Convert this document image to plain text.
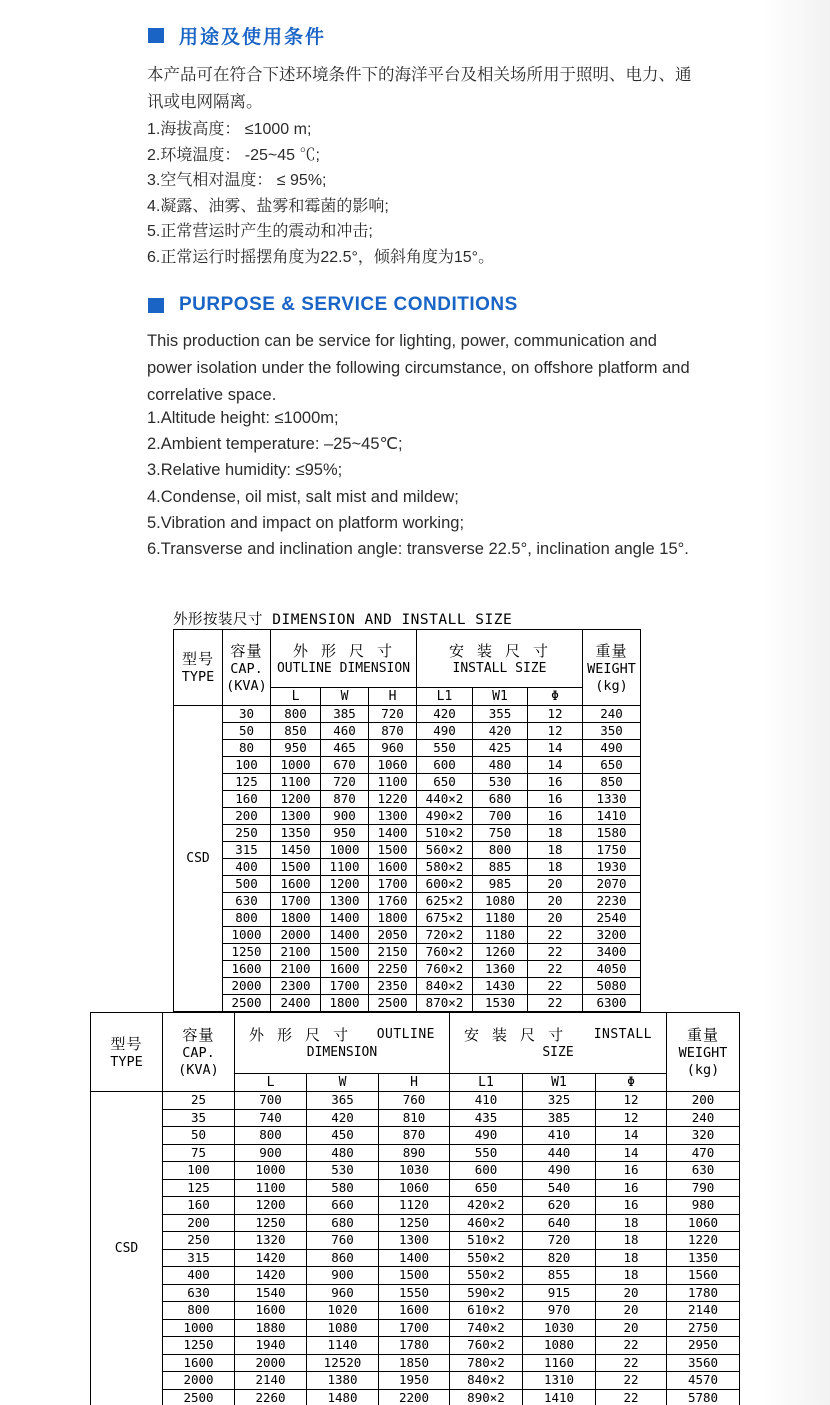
用途及使用条件

本产品可在符合下述环境条件下的海洋平台及相关场所用于照明、电力、通讯或电网隔离。

1.海拔高度： ≤1000 m;
2.环境温度： -25~45 ℃;
3.空气相对温度： ≤ 95%;
4.凝露、油雾、盐雾和霉菌的影响;
5.正常营运时产生的震动和冲击;
6.正常运行时摇摆角度为22.5°，倾斜角度为15°。
PURPOSE & SERVICE CONDITIONS

This production can be service for lighting, power, communication and power isolation under the following circumstance, on offshore platform and correlative space.

1.Altitude height: ≤1000m;
2.Ambient temperature: –25~45℃;
3.Relative humidity: ≤95%;
4.Condense, oil mist, salt mist and mildew;
5.Vibration and impact on platform working;
6.Transverse and inclination angle: transverse 22.5°, inclination angle 15°.
外形按装尺寸 DIMENSION AND INSTALL SIZE
型号
TYPE

容量
CAP.
(KVA)

外 形 尺 寸
OUTLINE DIMENSION

安 装 尺 寸
INSTALL SIZE

重量
WEIGHT
(kg)

		L	W	H	L1	W1	Φ	
CSD	30	800	385	720	420	355	12	240
	50	850	460	870	490	420	12	350
	80	950	465	960	550	425	14	490
	100	1000	670	1060	600	480	14	650
	125	1100	720	1100	650	530	16	850
	160	1200	870	1220	440×2	680	16	1330
	200	1300	900	1300	490×2	700	16	1410
	250	1350	950	1400	510×2	750	18	1580
	315	1450	1000	1500	560×2	800	18	1750
	400	1500	1100	1600	580×2	885	18	1930
	500	1600	1200	1700	600×2	985	20	2070
	630	1700	1300	1760	625×2	1080	20	2230
	800	1800	1400	1800	675×2	1180	20	2540
	1000	2000	1400	2050	720×2	1180	22	3200
	1250	2100	1500	2150	760×2	1260	22	3400
	1600	2100	1600	2250	760×2	1360	22	4050
	2000	2300	1700	2350	840×2	1430	22	5080
	2500	2400	1800	2500	870×2	1530	22	6300
型号
TYPE

容量
CAP.
(KVA)

外 形 尺 寸 OUTLINE
DIMENSION

安 装 尺 寸 INSTALL
SIZE

重量
WEIGHT
(kg)

		L	W	H	L1	W1	Φ	
CSD	25	700	365	760	410	325	12	200
	35	740	420	810	435	385	12	240
	50	800	450	870	490	410	14	320
	75	900	480	890	550	440	14	470
	100	1000	530	1030	600	490	16	630
	125	1100	580	1060	650	540	16	790
	160	1200	660	1120	420×2	620	16	980
	200	1250	680	1250	460×2	640	18	1060
	250	1320	760	1300	510×2	720	18	1220
	315	1420	860	1400	550×2	820	18	1350
	400	1420	900	1500	550×2	855	18	1560
	630	1540	960	1550	590×2	915	20	1780
	800	1600	1020	1600	610×2	970	20	2140
	1000	1880	1080	1700	740×2	1030	20	2750
	1250	1940	1140	1780	760×2	1080	22	2950
	1600	2000	12520	1850	780×2	1160	22	3560
	2000	2140	1380	1950	840×2	1310	22	4570
	2500	2260	1480	2200	890×2	1410	22	5780
